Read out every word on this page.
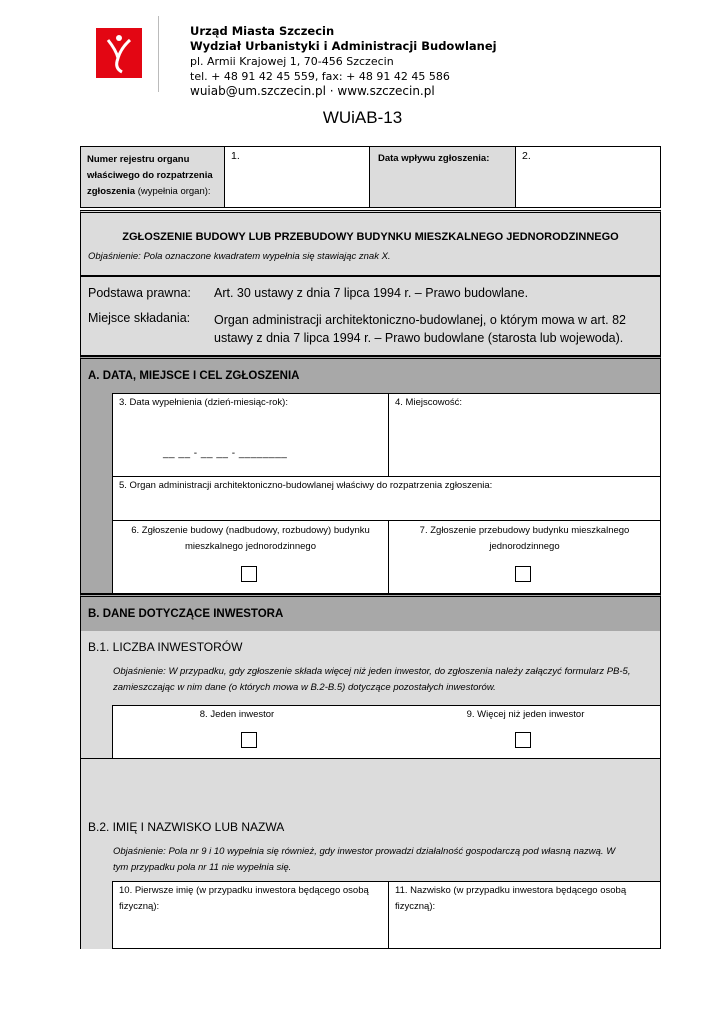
Urząd Miasta Szczecin
Wydział Urbanistyki i Administracji Budowlanej
pl. Armii Krajowej 1, 70-456 Szczecin
tel. + 48 91 42 45 559, fax: + 48 91 42 45 586
wuiab@um.szczecin.pl · www.szczecin.pl
WUiAB-13
Numer rejestru organu właściwego do rozpatrzenia zgłoszenia (wypełnia organ):
1.	Data wpływu zgłoszenia:	2.
ZGŁOSZENIE BUDOWY LUB PRZEBUDOWY BUDYNKU MIESZKALNEGO JEDNORODZINNEGO
Objaśnienie: Pola oznaczone kwadratem wypełnia się stawiając znak X.
Podstawa prawna: Art. 30 ustawy z dnia 7 lipca 1994 r. – Prawo budowlane.
Miejsce składania: Organ administracji architektoniczno-budowlanej, o którym mowa w art. 82
ustawy z dnia 7 lipca 1994 r. – Prawo budowlane (starosta lub wojewoda).
A. DATA, MIEJSCE I CEL ZGŁOSZENIA
3. Data wypełnienia (dzień-miesiąc-rok):
__ __ - __ __ - ________
4. Miejscowość:
5. Organ administracji architektoniczno-budowlanej właściwy do rozpatrzenia zgłoszenia:
6. Zgłoszenie budowy (nadbudowy, rozbudowy) budynku
mieszkalnego jednorodzinnego
7. Zgłoszenie przebudowy budynku mieszkalnego
jednorodzinnego
B. DANE DOTYCZĄCE INWESTORA
B.1. LICZBA INWESTORÓW
Objaśnienie: W przypadku, gdy zgłoszenie składa więcej niż jeden inwestor, do zgłoszenia należy załączyć formularz PB-5,
zamieszczając w nim dane (o których mowa w B.2-B.5) dotyczące pozostałych inwestorów.
8. Jeden inwestor	9. Więcej niż jeden inwestor
B.2. IMIĘ I NAZWISKO LUB NAZWA
Objaśnienie: Pola nr 9 i 10 wypełnia się również, gdy inwestor prowadzi działalność gospodarczą pod własną nazwą. W
tym przypadku pola nr 11 nie wypełnia się.
10. Pierwsze imię (w przypadku inwestora będącego osobą
fizyczną):
11. Nazwisko (w przypadku inwestora będącego osobą
fizyczną):
